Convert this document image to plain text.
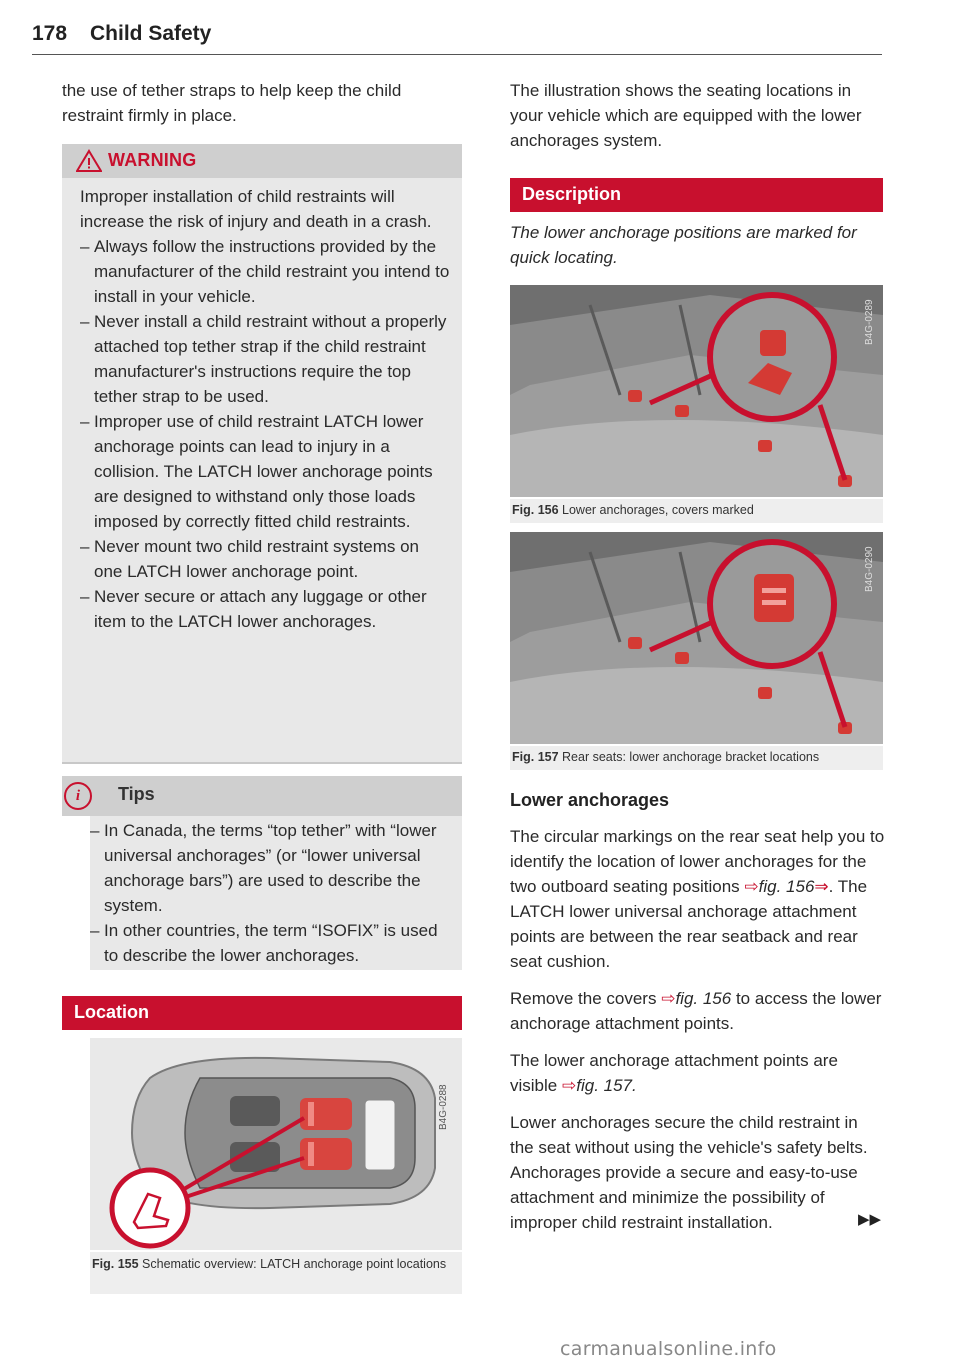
178 Child Safety
the use of tether straps to help keep the child restraint firmly in place.
WARNING
Improper installation of child restraints will increase the risk of injury and death in a crash.
– Always follow the instructions provided by the manufacturer of the child restraint you intend to install in your vehicle.
– Never install a child restraint without a properly attached top tether strap if the child restraint manufacturer's instructions require the top tether strap to be used.
– Improper use of child restraint LATCH lower anchorage points can lead to injury in a collision. The LATCH lower anchorage points are designed to withstand only those loads imposed by correctly fitted child restraints.
– Never mount two child restraint systems on one LATCH lower anchorage point.
– Never secure or attach any luggage or other item to the LATCH lower anchorages.
i	Tips
– In Canada, the terms “top tether” with “lower universal anchorages” (or “lower universal anchorage bars”) are used to describe the system.
– In other countries, the term “ISOFIX” is used to describe the lower anchorages.
Location
B4G-0288
Fig. 155 Schematic overview: LATCH anchorage point locations
The illustration shows the seating locations in your vehicle which are equipped with the lower anchorages system.
Description
The lower anchorage positions are marked for quick locating.
B4G-0289
Fig. 156 Lower anchorages, covers marked
B4G-0290
Fig. 157 Rear seats: lower anchorage bracket locations
Lower anchorages

The circular markings on the rear seat help you to identify the location of lower anchorages for the two outboard seating positions ⇨fig. 156⇒. The LATCH lower universal anchorage attachment points are between the rear seatback and rear seat cushion.

Remove the covers ⇨fig. 156 to access the lower anchorage attachment points.

The lower anchorage attachment points are visible ⇨fig. 157.

Lower anchorages secure the child restraint in the seat without using the vehicle's safety belts. Anchorages provide a secure and easy-to-use attachment and minimize the possibility of improper child restraint installation.	▶▶
carmanualsonline.info
